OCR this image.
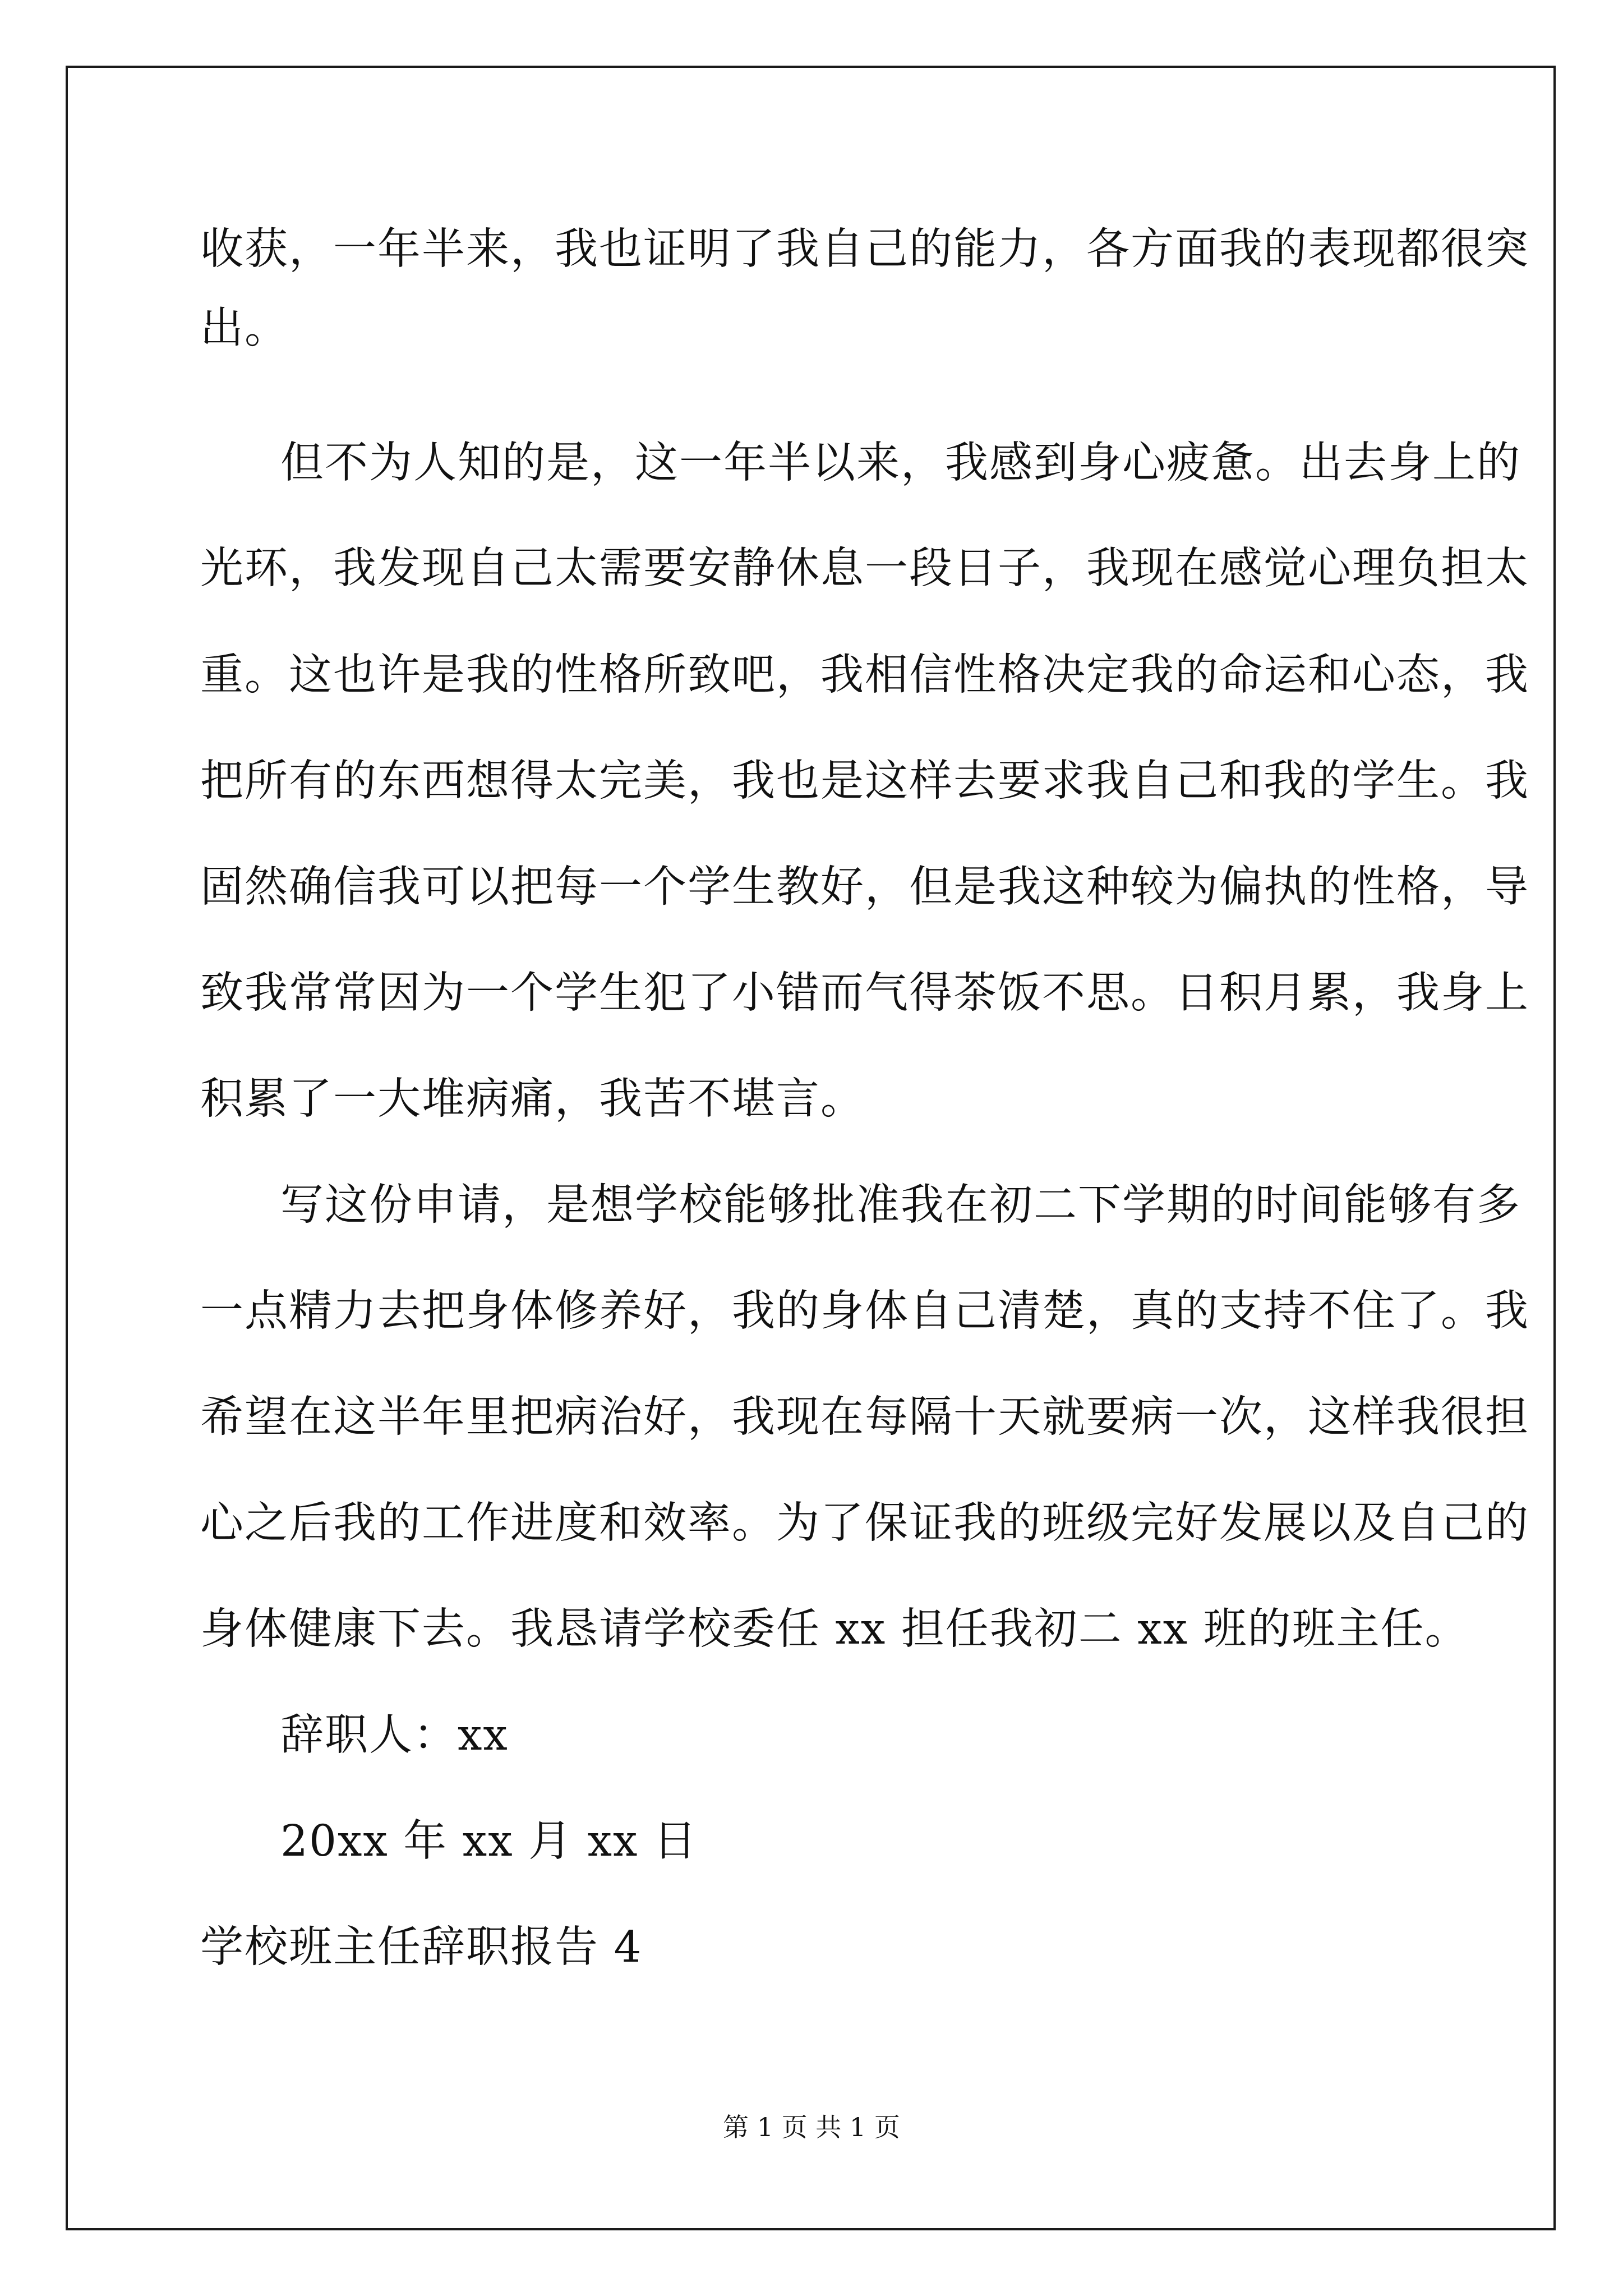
收获，一年半来，我也证明了我自己的能力，各方面我的表现都很突
出。
但不为人知的是，这一年半以来，我感到身心疲惫。出去身上的
光环，我发现自己太需要安静休息一段日子，我现在感觉心理负担太
重。这也许是我的性格所致吧，我相信性格决定我的命运和心态，我
把所有的东西想得太完美，我也是这样去要求我自己和我的学生。我
固然确信我可以把每一个学生教好，但是我这种较为偏执的性格，导
致我常常因为一个学生犯了小错而气得茶饭不思。日积月累，我身上
积累了一大堆病痛，我苦不堪言。
写这份申请，是想学校能够批准我在初二下学期的时间能够有多
一点精力去把身体修养好，我的身体自己清楚，真的支持不住了。我
希望在这半年里把病治好，我现在每隔十天就要病一次，这样我很担
心之后我的工作进度和效率。为了保证我的班级完好发展以及自己的
身体健康下去。我恳请学校委任 xx 担任我初二 xx 班的班主任。
辞职人：xx
20xx 年 xx 月 xx 日
学校班主任辞职报告 4
第 1 页 共 1 页
